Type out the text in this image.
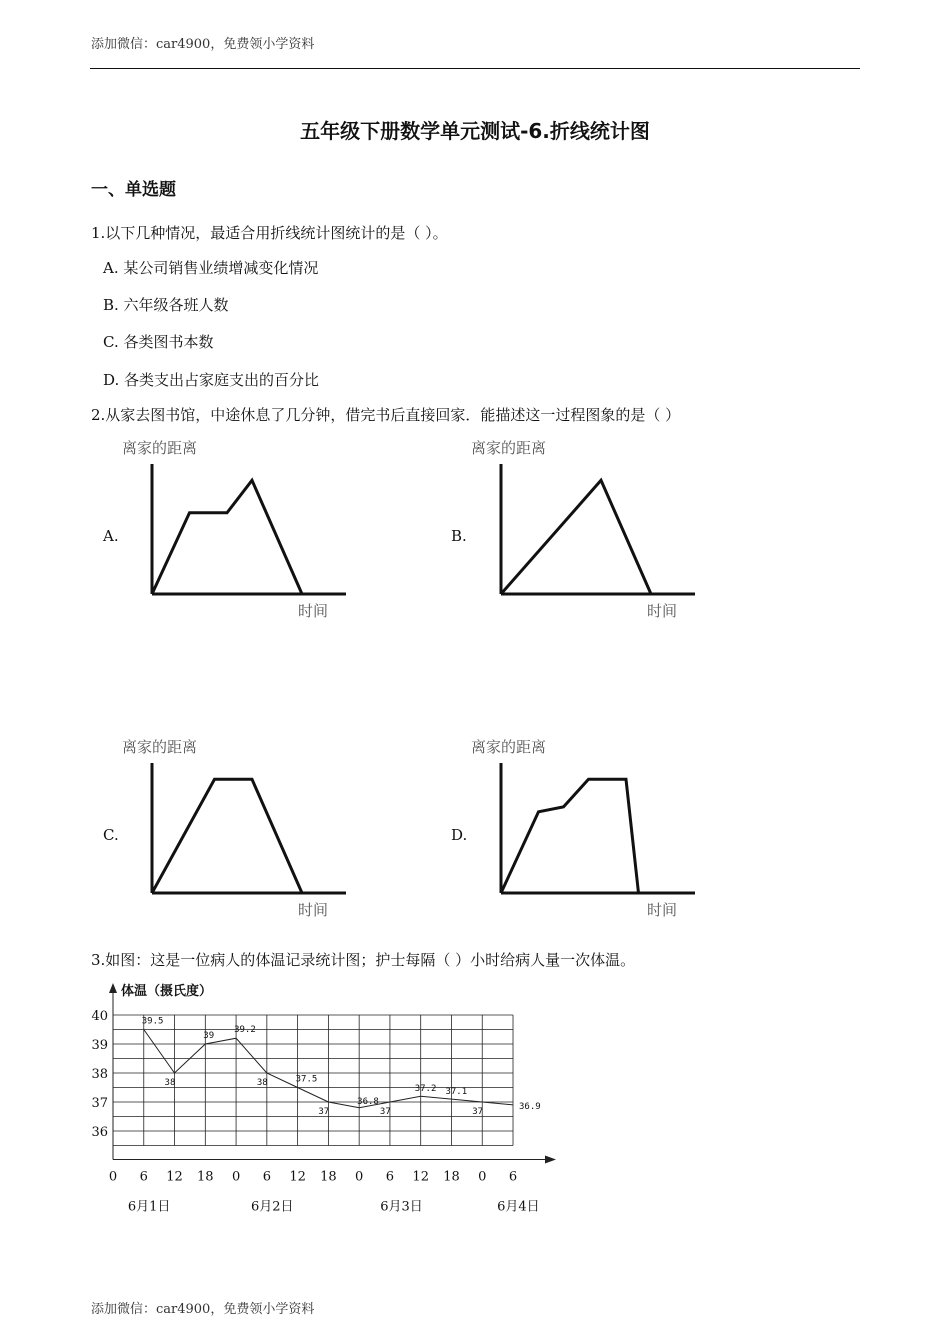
添加微信：car4900，免费领小学资料
五年级下册数学单元测试-6.折线统计图
一、单选题
1.以下几种情况，最适合用折线统计图统计的是（ ）。
A. 某公司销售业绩增减变化情况
B. 六年级各班人数
C. 各类图书本数
D. 各类支出占家庭支出的百分比
2.从家去图书馆，中途休息了几分钟，借完书后直接回家．能描述这一过程图象的是（ ）
A.	B.
C.	D.
离家的距离
时间
离家的距离
时间
离家的距离
时间
离家的距离
时间
3.如图：这是一位病人的体温记录统计图；护士每隔（ ）小时给病人量一次体温。
体温（摄氏度）
36
37
38
39
40
0 6 12 18 0 6 12 18 0 6 12 18 0 6
6月1日	6月2日	6月3日	6月4日
39.5
38
39
39.2
38	37.5
37
36.8
37
37.2 37.1
37
36.9
添加微信：car4900，免费领小学资料
